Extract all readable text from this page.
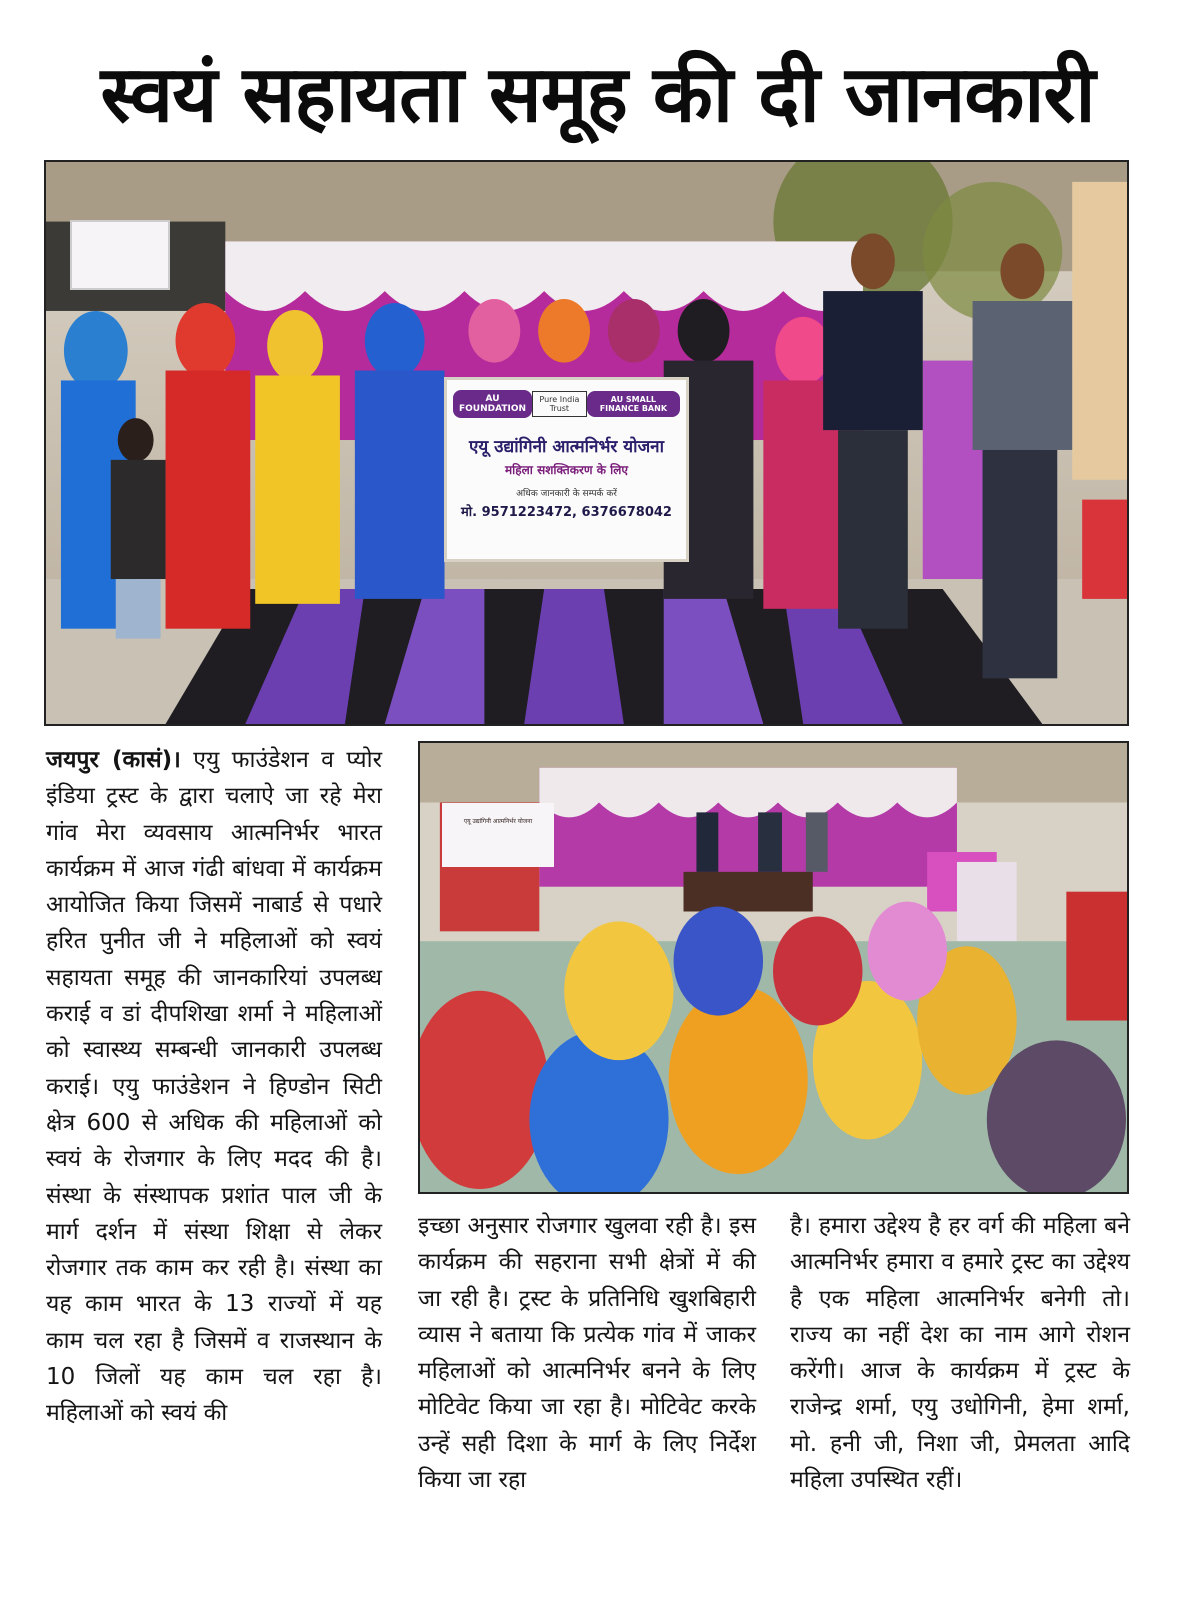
स्वयं सहायता समूह की दी जानकारी
AU FOUNDATION
Pure India Trust
AU SMALL FINANCE BANK
एयू उद्यांगिनी आत्मनिर्भर योजना
महिला सशक्तिकरण के लिए
अधिक जानकारी के सम्पर्क करें
मो. 9571223472, 6376678042
एयू उद्यांगिनी आत्मनिर्भर योजना

जयपुर (कासं)। एयु फाउंडेशन व प्योर इंडिया ट्रस्ट के द्वारा चलाऐ जा रहे मेरा गांव मेरा व्यवसाय आत्मनिर्भर भारत कार्यक्रम में आज गंढी बांधवा में कार्यक्रम आयोजित किया जिसमें नाबार्ड से पधारे हरित पुनीत जी ने महिलाओं को स्वयं सहायता समूह की जानकारियां उपलब्ध कराई व डां दीपशिखा शर्मा ने महिलाओं को स्वास्थ्य सम्बन्धी जानकारी उपलब्ध कराई। एयु फाउंडेशन ने हिण्डोन सिटी क्षेत्र 600 से अधिक की महिलाओं को स्वयं के रोजगार के लिए मदद की है। संस्था के संस्थापक प्रशांत पाल जी के मार्ग दर्शन में संस्था शिक्षा से लेकर रोजगार तक काम कर रही है। संस्था का यह काम भारत के 13 राज्यों में यह काम चल रहा है जिसमें व राजस्थान के 10 जिलों यह काम चल रहा है। महिलाओं को स्वयं की

इच्छा अनुसार रोजगार खुलवा रही है। इस कार्यक्रम की सहराना सभी क्षेत्रों में की जा रही है। ट्रस्ट के प्रतिनिधि खुशबिहारी व्यास ने बताया कि प्रत्येक गांव में जाकर महिलाओं को आत्मनिर्भर बनने के लिए मोटिवेट किया जा रहा है। मोटिवेट करके उन्हें सही दिशा के मार्ग के लिए निर्देश किया जा रहा

है। हमारा उद्देश्य है हर वर्ग की महिला बने आत्मनिर्भर हमारा व हमारे ट्रस्ट का उद्देश्य है एक महिला आत्मनिर्भर बनेगी तो। राज्य का नहीं देश का नाम आगे रोशन करेंगी। आज के कार्यक्रम में ट्रस्ट के राजेन्द्र शर्मा, एयु उधोगिनी, हेमा शर्मा, मो. हनी जी, निशा जी, प्रेमलता आदि महिला उपस्थित रहीं।
